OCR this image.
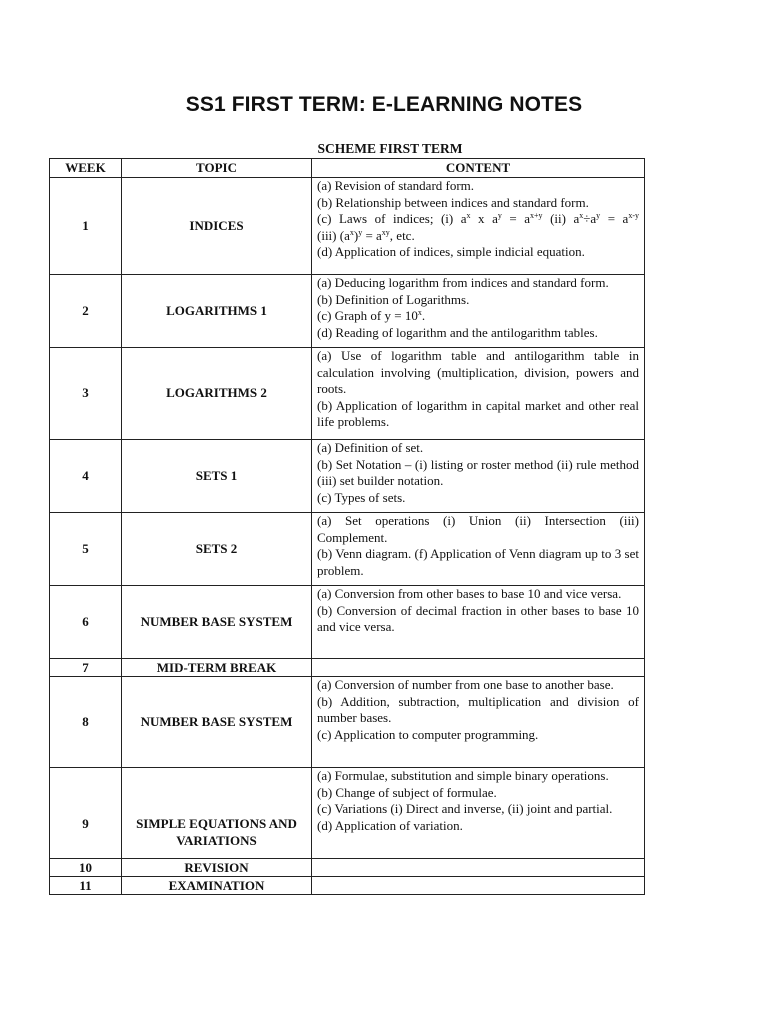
SS1 FIRST TERM: E-LEARNING NOTES
SCHEME FIRST TERM
WEEK	TOPIC	CONTENT
1	INDICES	(a) Revision of standard form.
(b) Relationship between indices and standard form.
(c) Laws of indices; (i) $a^x$ x $a^y = a^{x+y}$ (ii) $a^x\div a^y = a^{x-y}$
(iii) $(a^x)^y = a^{xy}$, etc.
(d) Application of indices, simple indicial equation.

2	LOGARITHMS 1	(a) Deducing logarithm from indices and standard form.
(b) Definition of Logarithms.
(c) Graph of $y = 10^x$.
(d) Reading of logarithm and the antilogarithm tables.

3	LOGARITHMS 2	(a) Use of logarithm table and antilogarithm table in calculation involving (multiplication, division, powers and roots.
(b) Application of logarithm in capital market and other real life problems.

4	SETS 1	(a) Definition of set.
(b) Set Notation – (i) listing or roster method (ii) rule method (iii) set builder notation.
(c) Types of sets.

5	SETS 2	(a) Set operations (i) Union (ii) Intersection (iii) Complement.
(b) Venn diagram. (f) Application of Venn diagram up to 3 set problem.

6	NUMBER BASE SYSTEM	(a) Conversion from other bases to base 10 and vice versa.
(b) Conversion of decimal fraction in other bases to base 10 and vice versa.

7	MID-TERM BREAK	
8	NUMBER BASE SYSTEM	(a) Conversion of number from one base to another base.
(b) Addition, subtraction, multiplication and division of number bases.
(c) Application to computer programming.

9	SIMPLE EQUATIONS AND VARIATIONS	(a) Formulae, substitution and simple binary operations.
(b) Change of subject of formulae.
(c) Variations (i) Direct and inverse, (ii) joint and partial.
(d) Application of variation.

10	REVISION	
11	EXAMINATION	
